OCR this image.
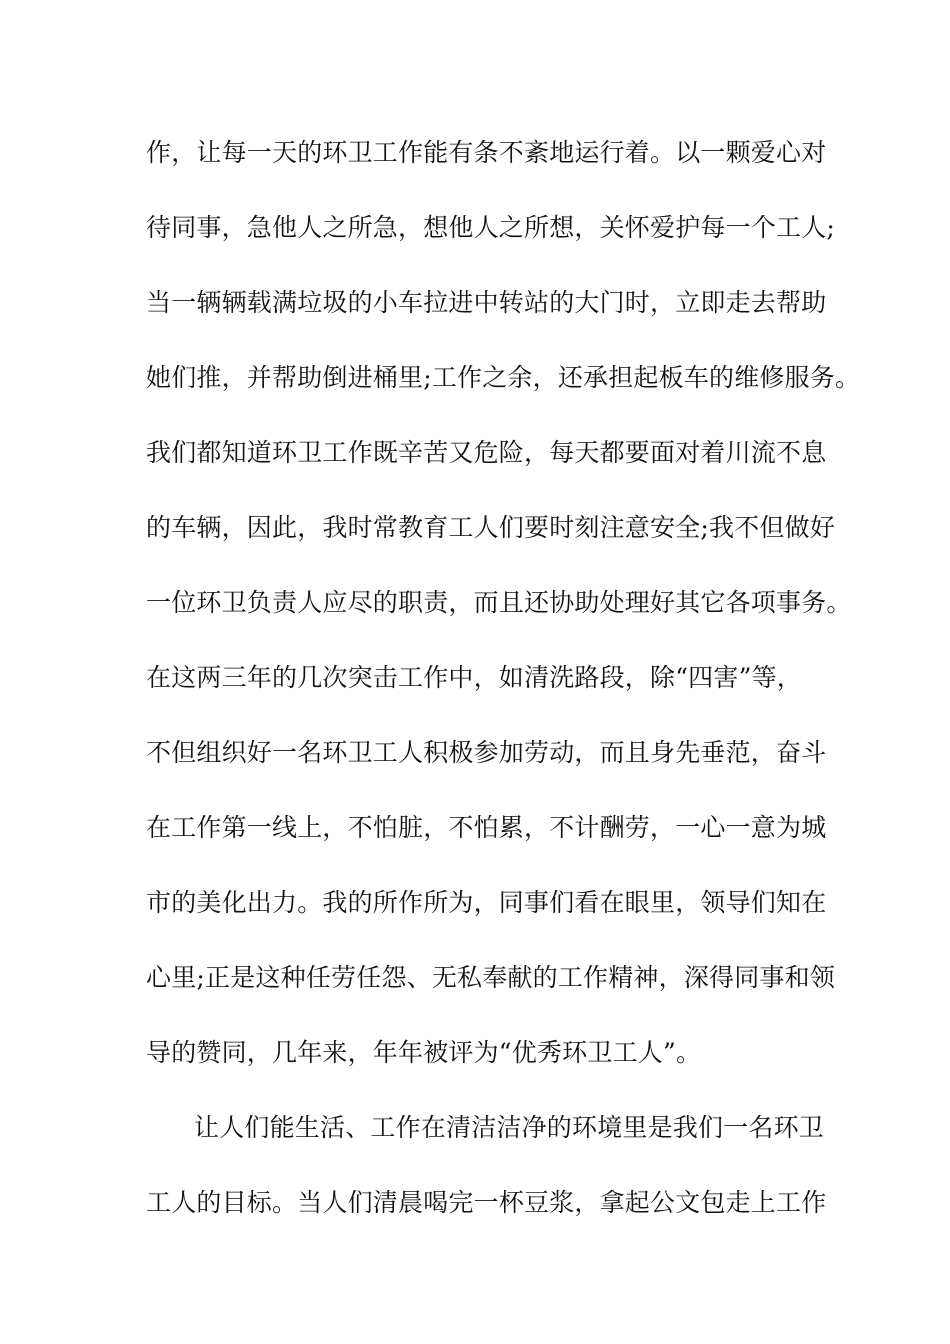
作，让每一天的环卫工作能有条不紊地运行着。以一颗爱心对
待同事，急他人之所急，想他人之所想，关怀爱护每一个工人;
当一辆辆载满垃圾的小车拉进中转站的大门时，立即走去帮助
她们推，并帮助倒进桶里;工作之余，还承担起板车的维修服务。
我们都知道环卫工作既辛苦又危险，每天都要面对着川流不息
的车辆，因此，我时常教育工人们要时刻注意安全;我不但做好
一位环卫负责人应尽的职责，而且还协助处理好其它各项事务。
在这两三年的几次突击工作中，如清洗路段，除“四害”等，
不但组织好一名环卫工人积极参加劳动，而且身先垂范，奋斗
在工作第一线上，不怕脏，不怕累，不计酬劳，一心一意为城
市的美化出力。我的所作所为，同事们看在眼里，领导们知在
心里;正是这种任劳任怨、无私奉献的工作精神，深得同事和领
导的赞同，几年来，年年被评为“优秀环卫工人”。
让人们能生活、工作在清洁洁净的环境里是我们一名环卫
工人的目标。当人们清晨喝完一杯豆浆，拿起公文包走上工作
